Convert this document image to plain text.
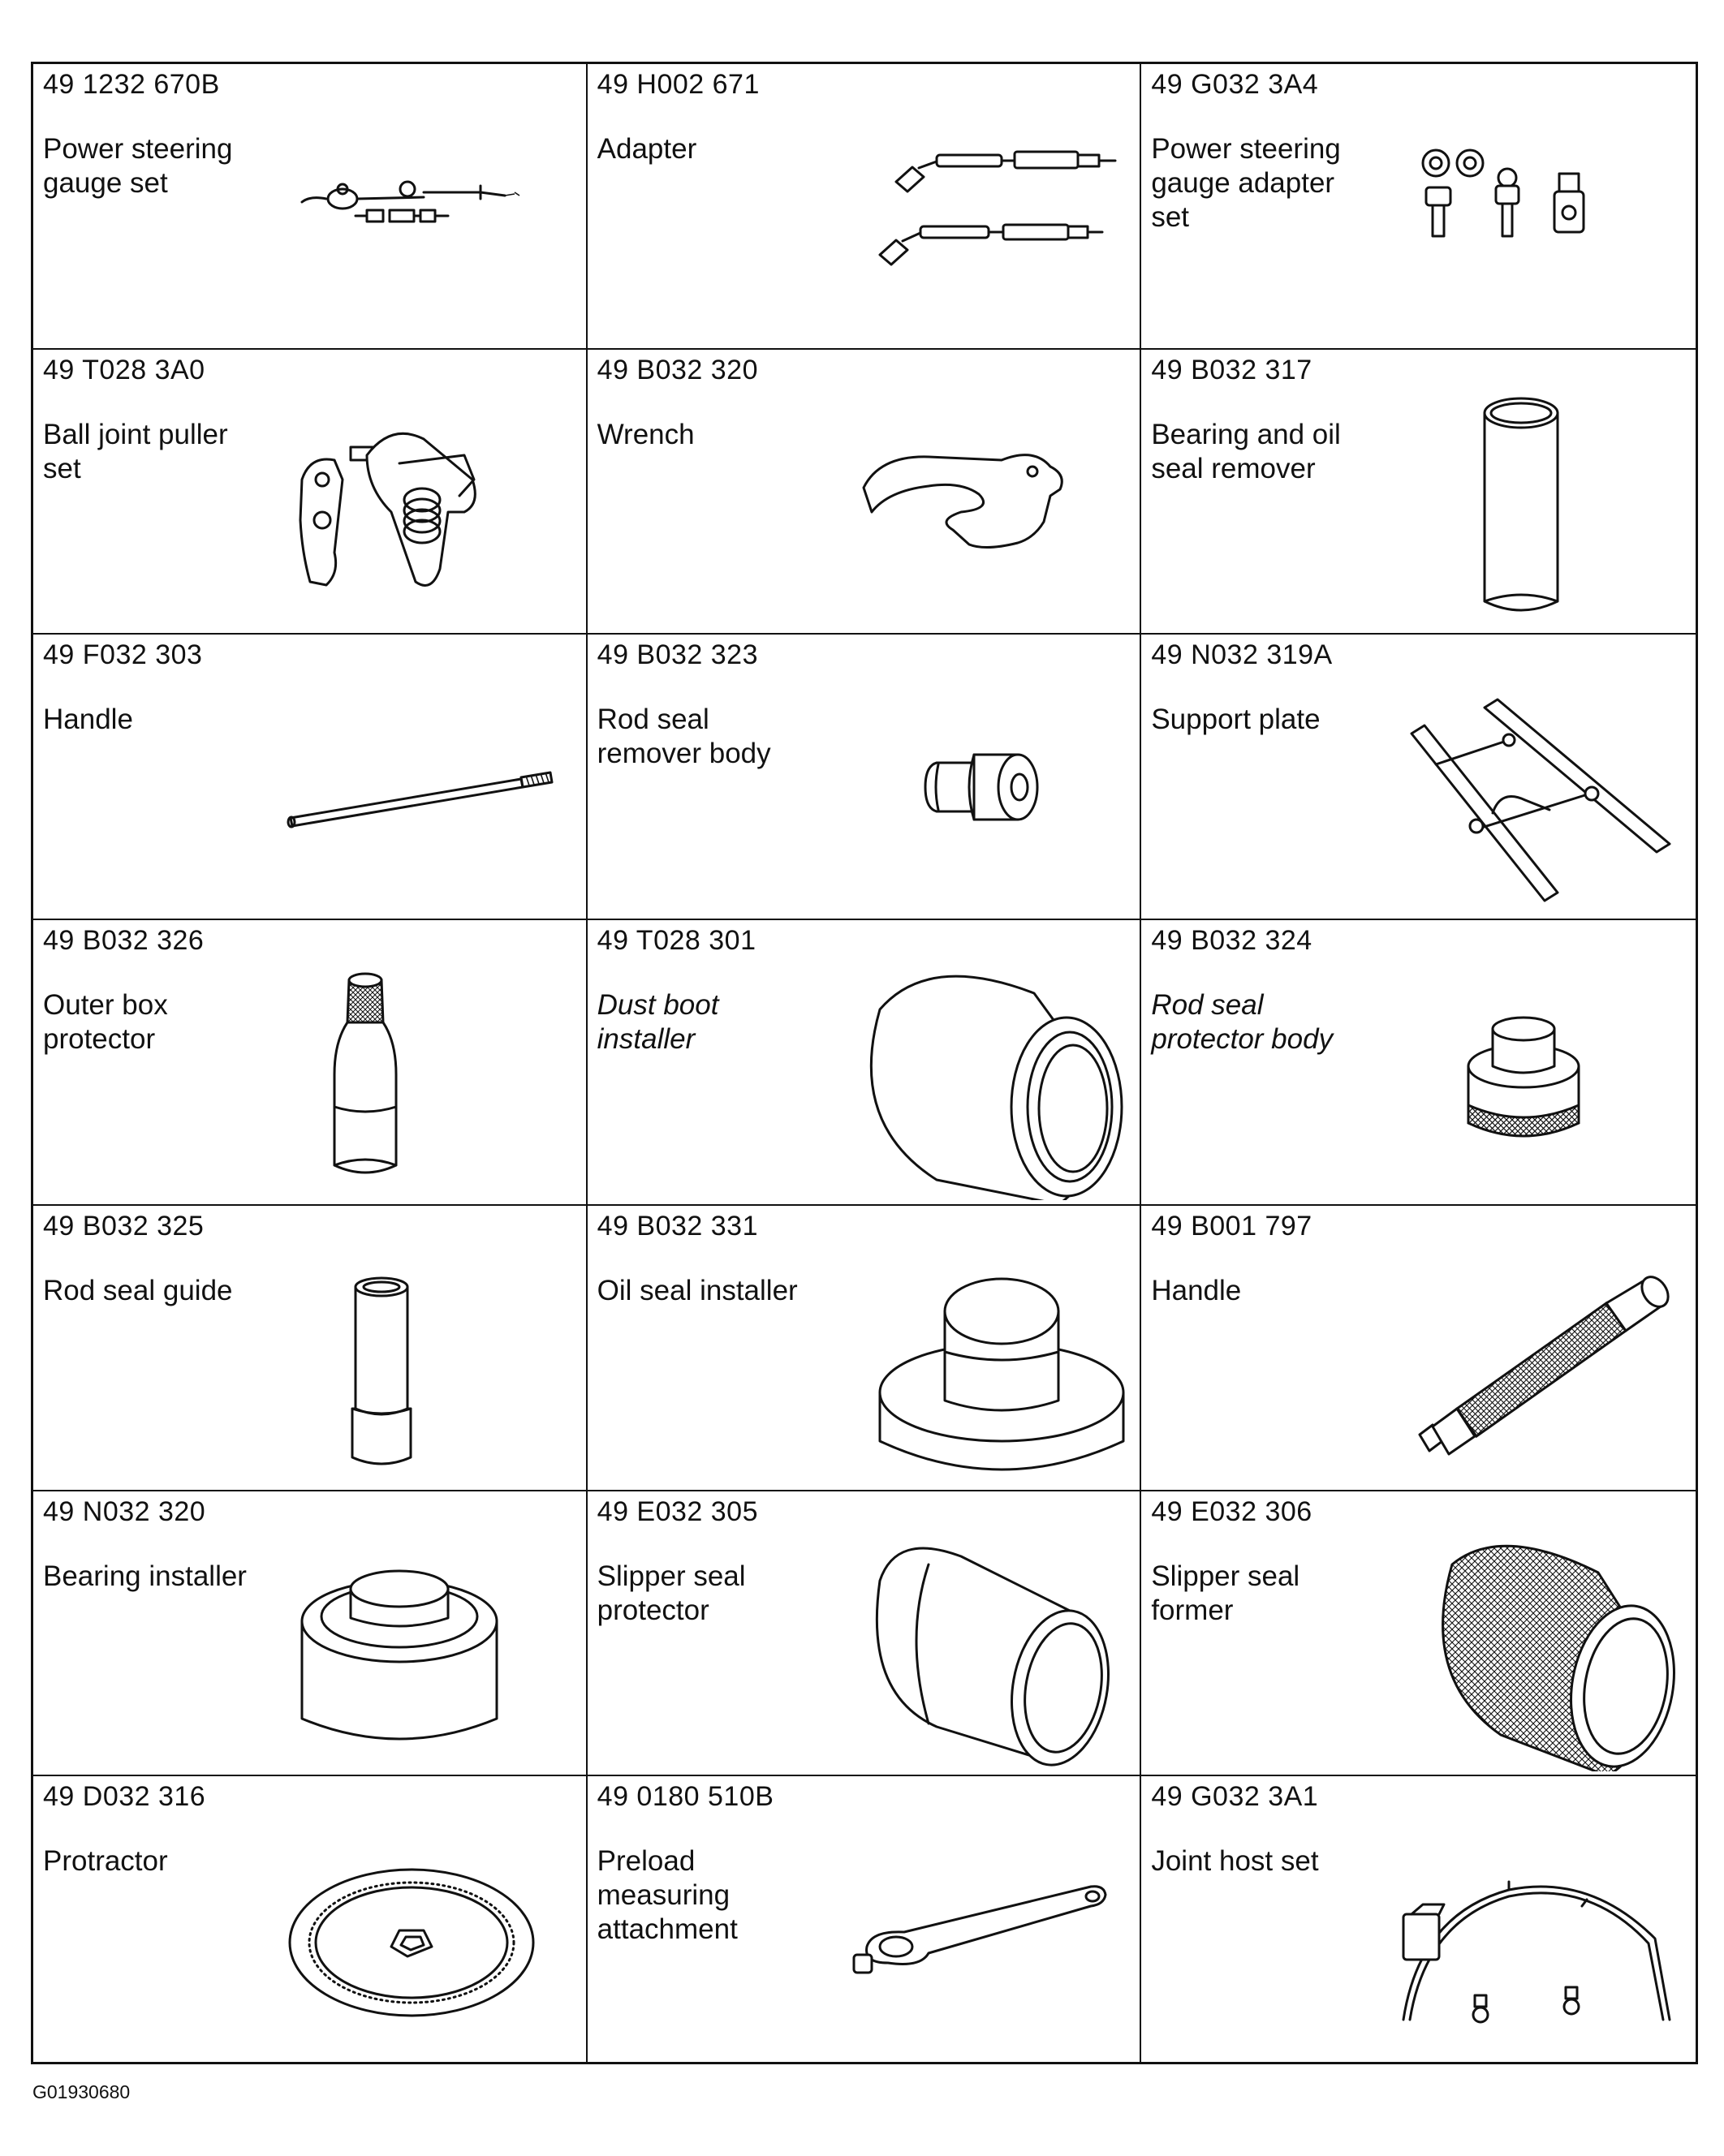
49 1232 670B
Power steering
gauge set
49 H002 671
Adapter
49 G032 3A4
Power steering
gauge adapter
set
49 T028 3A0
Ball joint puller
set
49 B032 320
Wrench
49 B032 317
Bearing and oil
seal remover
49 F032 303
Handle
49 B032 323
Rod seal
remover body
49 N032 319A
Support plate
49 B032 326
Outer box
protector
49 T028 301
Dust boot
installer
49 B032 324
Rod seal
protector body
49 B032 325
Rod seal guide
49 B032 331
Oil seal installer
49 B001 797
Handle
49 N032 320
Bearing installer
49 E032 305
Slipper seal
protector
49 E032 306
Slipper seal
former
49 D032 316
Protractor
49 0180 510B
Preload
measuring
attachment
49 G032 3A1
Joint host set
G01930680
